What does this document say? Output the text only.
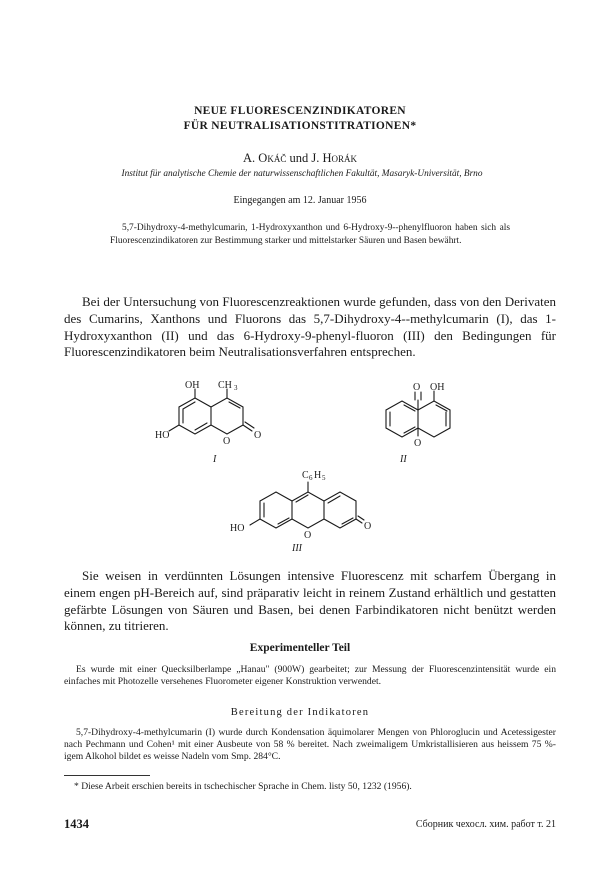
NEUE FLUORESCENZINDIKATOREN
FÜR NEUTRALISATIONSTITRATIONEN*
A. Okáč und J. Horák
Institut für analytische Chemie der naturwissenschaftlichen Fakultät, Masaryk-Universität, Brno
Eingegangen am 12. Januar 1956
5,7-Dihydroxy-4-methylcumarin, 1-Hydroxyxanthon und 6-Hydroxy-9--phenylfluoron haben sich als Fluorescenzindikatoren zur Bestimmung starker und mittelstarker Säuren und Basen bewährt.
Bei der Untersuchung von Fluorescenzreaktionen wurde gefunden, dass von den Derivaten des Cumarins, Xanthons und Fluorons das 5,7-Dihydroxy-4--methylcumarin (I), das 1-Hydroxyxanthon (II) und das 6-Hydroxy-9-phenyl-fluoron (III) den Bedingungen für Fluorescenzindikatoren beim Neutralisationsverfahren entsprechen.
OH CH 3
HO
O
O
I
O OH
O
II
C 6 H 5
HO
O
O
III
Sie weisen in verdünnten Lösungen intensive Fluorescenz mit scharfem Übergang in einem engen pH-Bereich auf, sind präparativ leicht in reinem Zustand erhältlich und gestatten gefärbte Lösungen von Säuren und Basen, bei denen Farbindikatoren nicht benützt werden können, zu titrieren.
Experimenteller Teil
Es wurde mit einer Quecksilberlampe „Hanau" (900W) gearbeitet; zur Messung der Fluorescenzintensität wurde ein einfaches mit Photozelle versehenes Fluorometer eigener Konstruktion verwendet.
Bereitung der Indikatoren
5,7-Dihydroxy-4-methylcumarin (I) wurde durch Kondensation äquimolarer Mengen von Phloroglucin und Acetessigester nach Pechmann und Cohen¹ mit einer Ausbeute von 58 % bereitet. Nach zweimaligem Umkristallisieren aus heissem 75 %-igem Alkohol bildet es weisse Nadeln vom Smp. 284°C.
* Diese Arbeit erschien bereits in tschechischer Sprache in Chem. listy 50, 1232 (1956).
1434	Сборник чехосл. хим. работ т. 21
